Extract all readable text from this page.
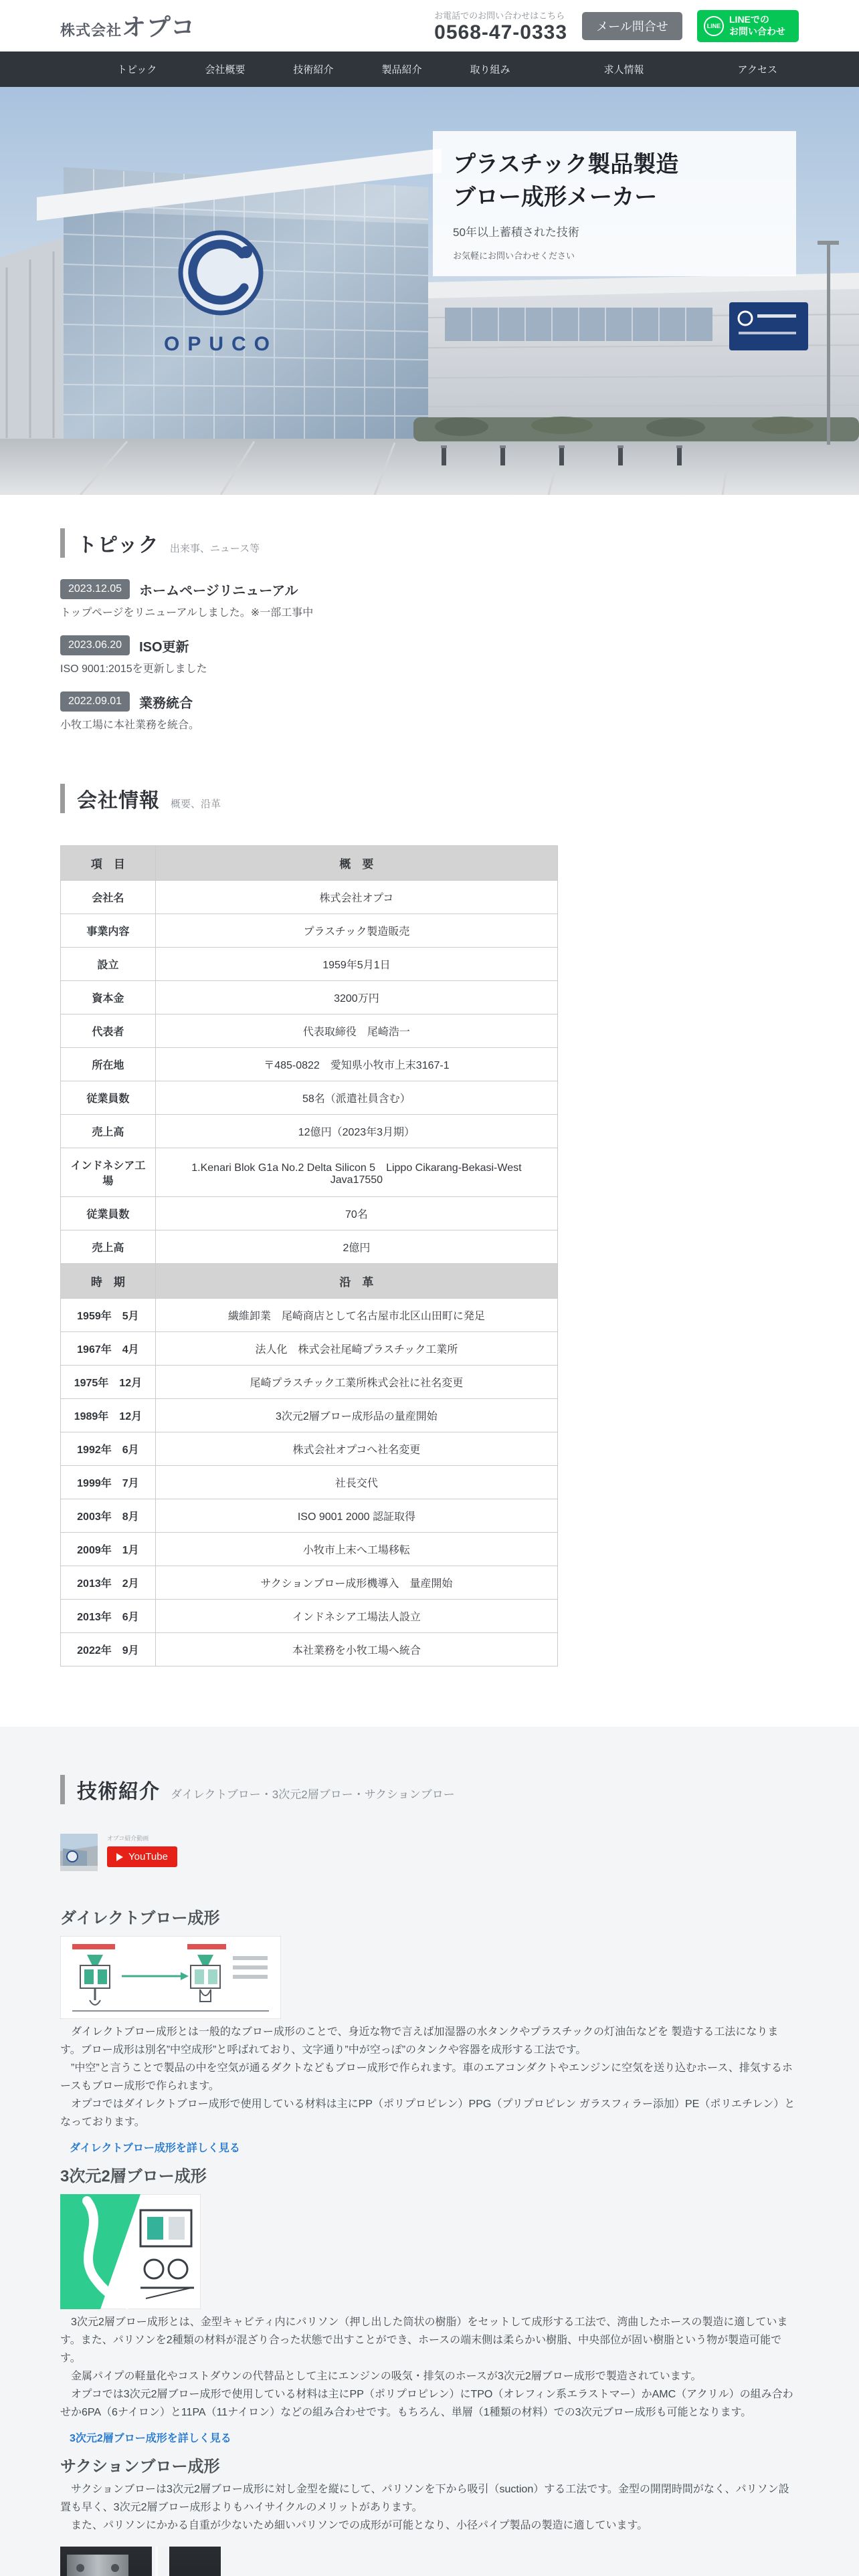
株式会社 オプコ	お電話でのお問い合わせはこちら
0568-47-0333	メール問合せ	LINE
LINEでの
お問い合わせ
トピック	会社概要	技術紹介	製品紹介	取り組み	求人情報	アクセス
OPUCO
プラスチック製品製造
ブロー成形メーカー
50年以上蓄積された技術
お気軽にお問い合わせください
トピック 出来事、ニュース等
2023.12.05	ホームページリニューアル
トップページをリニューアルしました。※一部工事中
2023.06.20	ISO更新
ISO 9001:2015を更新しました
2022.09.01	業務統合
小牧工場に本社業務を統合。
会社情報 概要、沿革
項　目	概　要
会社名	株式会社オプコ
事業内容	プラスチック製造販売
設立	1959年5月1日
資本金	3200万円
代表者	代表取締役　尾崎浩一
所在地	〒485-0822　愛知県小牧市上末3167-1
従業員数	58名（派遣社員含む）
売上高	12億円（2023年3月期）
インドネシア工場	1.Kenari Blok G1a No.2 Delta Silicon 5　Lippo Cikarang-Bekasi-West Java17550
従業員数	70名
売上高	2億円
時　期	沿　革
1959年　5月	繊維卸業　尾崎商店として名古屋市北区山田町に発足
1967年　4月	法人化　株式会社尾崎プラスチック工業所
1975年　12月	尾崎プラスチック工業所株式会社に社名変更
1989年　12月	3次元2層ブロー成形品の量産開始
1992年　6月	株式会社オプコへ社名変更
1999年　7月	社長交代
2003年　8月	ISO 9001 2000 認証取得
2009年　1月	小牧市上末へ工場移転
2013年　2月	サクションブロー成形機導入　量産開始
2013年　6月	インドネシア工場法人設立
2022年　9月	本社業務を小牧工場へ統合
技術紹介 ダイレクトブロー・3次元2層ブロー・サクションブロー
オプコ紹介動画
YouTube
ダイレクトブロー成形

　ダイレクトブロー成形とは一般的なブロー成形のことで、身近な物で言えば加湿器の水タンクやプラスチックの灯油缶などを 製造する工法になります。ブロー成形は別名”中空成形”と呼ばれており、文字通り”中が空っぽ”のタンクや容器を成形する工法です。

　”中空”と言うことで製品の中を空気が通るダクトなどもブロー成形で作られます。車のエアコンダクトやエンジンに空気を送り込むホース、排気するホースもブロー成形で作られます。

　オプコではダイレクトブロー成形で使用している材料は主にPP（ポリプロピレン）PPG（プリプロピレン ガラスフィラー添加）PE（ポリエチレン）となっております。

ダイレクトブロー成形を詳しく見る
3次元2層ブロー成形

　3次元2層ブロー成形とは、金型キャビティ内にパリソン（押し出した筒状の樹脂）をセットして成形する工法で、湾曲したホースの製造に適しています。また、パリソンを2種類の材料が混ざり合った状態で出すことができ、ホースの端末側は柔らかい樹脂、中央部位が固い樹脂という物が製造可能です。

　金属パイプの軽量化やコストダウンの代替品として主にエンジンの吸気・排気のホースが3次元2層ブロー成形で製造されています。

　オプコでは3次元2層ブロー成形で使用している材料は主にPP（ポリプロピレン）にTPO（オレフィン系エラストマー）かAMC（アクリル）の組み合わせか6PA（6ナイロン）と11PA（11ナイロン）などの組み合わせです。もちろん、単層（1種類の材料）での3次元ブロー成形も可能となります。

3次元2層ブロー成形を詳しく見る
サクションブロー成形

　サクションブローは3次元2層ブロー成形に対し金型を縦にして、パリソンを下から吸引（suction）する工法です。金型の開閉時間がなく、パリソン設置も早く、3次元2層ブロー成形よりもハイサイクルのメリットがあります。

　また、パリソンにかかる自重が少ないため細いパリソンでの成形が可能となり、小径パイプ製品の製造に適しています。
